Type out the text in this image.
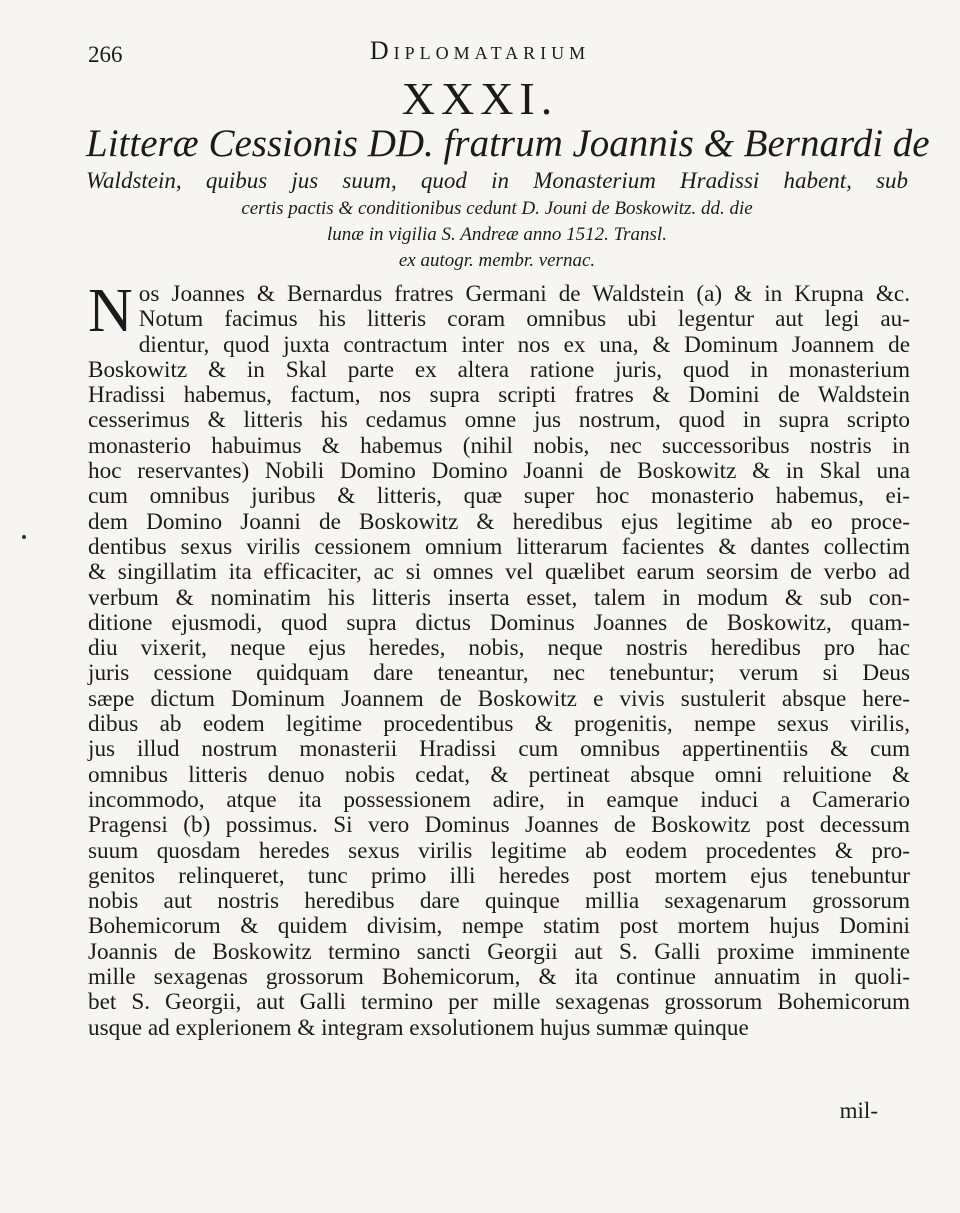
266	Diplomatarium
XXXI.
Litteræ Cessionis DD. fratrum Joannis & Bernardi de
Waldstein, quibus jus suum, quod in Monasterium Hradissi habent, sub
certis pactis & conditionibus cedunt D. Jouni de Boskowitz. dd. die
lunæ in vigilia S. Andreæ anno 1512. Transl.
ex autogr. membr. vernac.
N os Joannes & Bernardus fratres Germani de Waldstein (a) & in Krupna &c.
Notum facimus his litteris coram omnibus ubi legentur aut legi au-
dientur, quod juxta contractum inter nos ex una, & Dominum Joannem de
Boskowitz & in Skal parte ex altera ratione juris, quod in monasterium
Hradissi habemus, factum, nos supra scripti fratres & Domini de Waldstein
cesserimus & litteris his cedamus omne jus nostrum, quod in supra scripto
monasterio habuimus & habemus (nihil nobis, nec successoribus nostris in
hoc reservantes) Nobili Domino Domino Joanni de Boskowitz & in Skal una
cum omnibus juribus & litteris, quæ super hoc monasterio habemus, ei-
dem Domino Joanni de Boskowitz & heredibus ejus legitime ab eo proce-
dentibus sexus virilis cessionem omnium litterarum facientes & dantes collectim
& singillatim ita efficaciter, ac si omnes vel quælibet earum seorsim de verbo ad
verbum & nominatim his litteris inserta esset, talem in modum & sub con-
ditione ejusmodi, quod supra dictus Dominus Joannes de Boskowitz, quam-
diu vixerit, neque ejus heredes, nobis, neque nostris heredibus pro hac
juris cessione quidquam dare teneantur, nec tenebuntur; verum si Deus
sæpe dictum Dominum Joannem de Boskowitz e vivis sustulerit absque here-
dibus ab eodem legitime procedentibus & progenitis, nempe sexus virilis,
jus illud nostrum monasterii Hradissi cum omnibus appertinentiis & cum
omnibus litteris denuo nobis cedat, & pertineat absque omni reluitione &
incommodo, atque ita possessionem adire, in eamque induci a Camerario
Pragensi (b) possimus. Si vero Dominus Joannes de Boskowitz post decessum
suum quosdam heredes sexus virilis legitime ab eodem procedentes & pro-
genitos relinqueret, tunc primo illi heredes post mortem ejus tenebuntur
nobis aut nostris heredibus dare quinque millia sexagenarum grossorum
Bohemicorum & quidem divisim, nempe statim post mortem hujus Domini
Joannis de Boskowitz termino sancti Georgii aut S. Galli proxime imminente
mille sexagenas grossorum Bohemicorum, & ita continue annuatim in quoli-
bet S. Georgii, aut Galli termino per mille sexagenas grossorum Bohemicorum
usque ad explerionem & integram exsolutionem hujus summæ quinque
mil-
